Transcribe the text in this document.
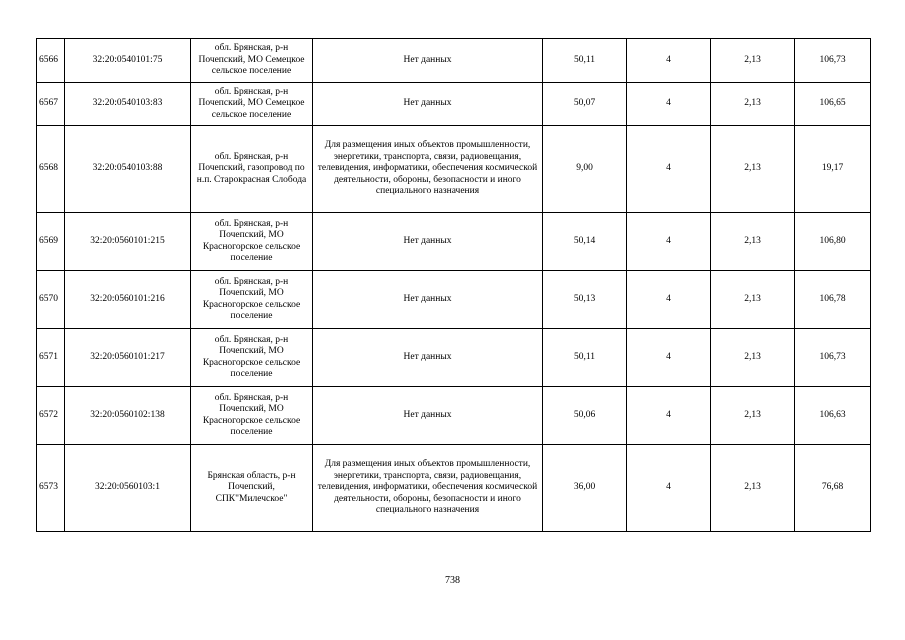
6566	32:20:0540101:75	обл. Брянская, р-н Почепский, МО Семецкое сельское поселение	Нет данных	50,11	4	2,13	106,73
6567	32:20:0540103:83	обл. Брянская, р-н Почепский, МО Семецкое сельское поселение	Нет данных	50,07	4	2,13	106,65
6568	32:20:0540103:88	обл. Брянская, р-н Почепский, газопровод по н.п. Старокрасная Слобода	Для размещения иных объектов промышленности, энергетики, транспорта, связи, радиовещания, телевидения, информатики, обеспечения космической деятельности, обороны, безопасности и иного специального назначения	9,00	4	2,13	19,17
6569	32:20:0560101:215	обл. Брянская, р-н Почепский, МО Красногорское сельское поселение	Нет данных	50,14	4	2,13	106,80
6570	32:20:0560101:216	обл. Брянская, р-н Почепский, МО Красногорское сельское поселение	Нет данных	50,13	4	2,13	106,78
6571	32:20:0560101:217	обл. Брянская, р-н Почепский, МО Красногорское сельское поселение	Нет данных	50,11	4	2,13	106,73
6572	32:20:0560102:138	обл. Брянская, р-н Почепский, МО Красногорское сельское поселение	Нет данных	50,06	4	2,13	106,63
6573	32:20:0560103:1	Брянская область, р-н Почепский, СПК"Милечское"	Для размещения иных объектов промышленности, энергетики, транспорта, связи, радиовещания, телевидения, информатики, обеспечения космической деятельности, обороны, безопасности и иного специального назначения	36,00	4	2,13	76,68
738
